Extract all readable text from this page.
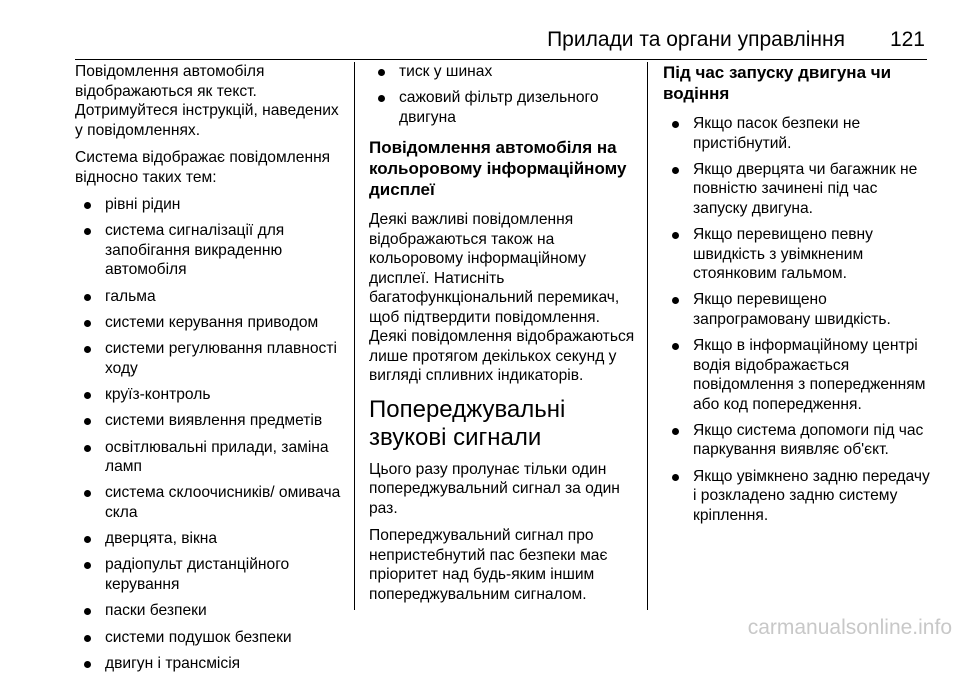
Прилади та органи управління 121

Повідомлення автомобіля відображаються як текст. Дотримуйтеся інструкцій, наведених у повідомленнях.

Система відображає повідомлення відносно таких тем:

рівні рідин
система сигналізації для запобігання викраденню автомобіля
гальма
системи керування приводом
системи регулювання плавності ходу
круїз-контроль
системи виявлення предметів
освітлювальні прилади, заміна ламп
система склоочисників/ омивача скла
дверцята, вікна
радіопульт дистанційного керування
паски безпеки
системи подушок безпеки
двигун і трансмісія
тиск у шинах
сажовий фільтр дизельного двигуна
Повідомлення автомобіля на кольоровому інформаційному дисплеї

Деякі важливі повідомлення відображаються також на кольоровому інформаційному дисплеї. Натисніть багатофункціональний перемикач, щоб підтвердити повідомлення. Деякі повідомлення відображаються лише протягом декількох секунд у вигляді спливних індикаторів.

Попереджувальні звукові сигнали

Цього разу пролунає тільки один попереджувальний сигнал за один раз.

Попереджувальний сигнал про непристебнутий пас безпеки має пріоритет над будь-яким іншим попереджувальним сигналом.

Під час запуску двигуна чи водіння
Якщо пасок безпеки не пристібнутий.
Якщо дверцята чи багажник не повністю зачинені під час запуску двигуна.
Якщо перевищено певну швидкість з увімкненим стоянковим гальмом.
Якщо перевищено запрограмовану швидкість.
Якщо в інформаційному центрі водія відображається повідомлення з попередженням або код попередження.
Якщо система допомоги під час паркування виявляє об'єкт.
Якщо увімкнено задню передачу і розкладено задню систему кріплення.
carmanualsonline.info
